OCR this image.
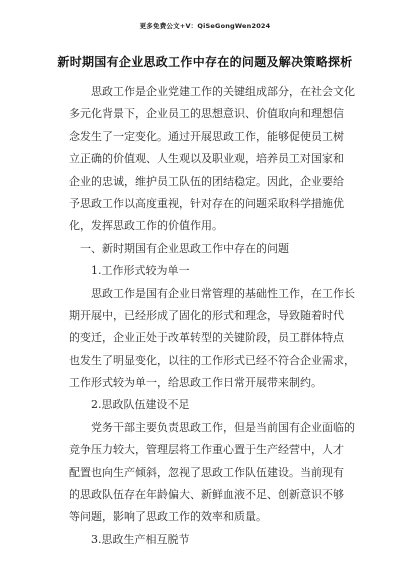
更多免费公文+V：QiSeGongWen2024
新时期国有企业思政工作中存在的问题及解决策略探析
思政工作是企业党建工作的关键组成部分，在社会文化
多元化背景下，企业员工的思想意识、价值取向和理想信
念发生了一定变化。通过开展思政工作，能够促使员工树
立正确的价值观、人生观以及职业观，培养员工对国家和
企业的忠诚，维护员工队伍的团结稳定。因此，企业要给
予思政工作以高度重视，针对存在的问题采取科学措施优
化，发挥思政工作的价值作用。
一、新时期国有企业思政工作中存在的问题
1.工作形式较为单一
思政工作是国有企业日常管理的基础性工作，在工作长
期开展中，已经形成了固化的形式和理念，导致随着时代
的变迁，企业正处于改革转型的关键阶段，员工群体特点
也发生了明显变化，以往的工作形式已经不符合企业需求，
工作形式较为单一，给思政工作日常开展带来制约。
2.思政队伍建设不足
党务干部主要负责思政工作，但是当前国有企业面临的
竞争压力较大，管理层将工作重心置于生产经营中，人才
配置也向生产倾斜，忽视了思政工作队伍建设。当前现有
的思政队伍存在年龄偏大、新鲜血液不足、创新意识不够
等问题，影响了思政工作的效率和质量。
3.思政生产相互脱节
